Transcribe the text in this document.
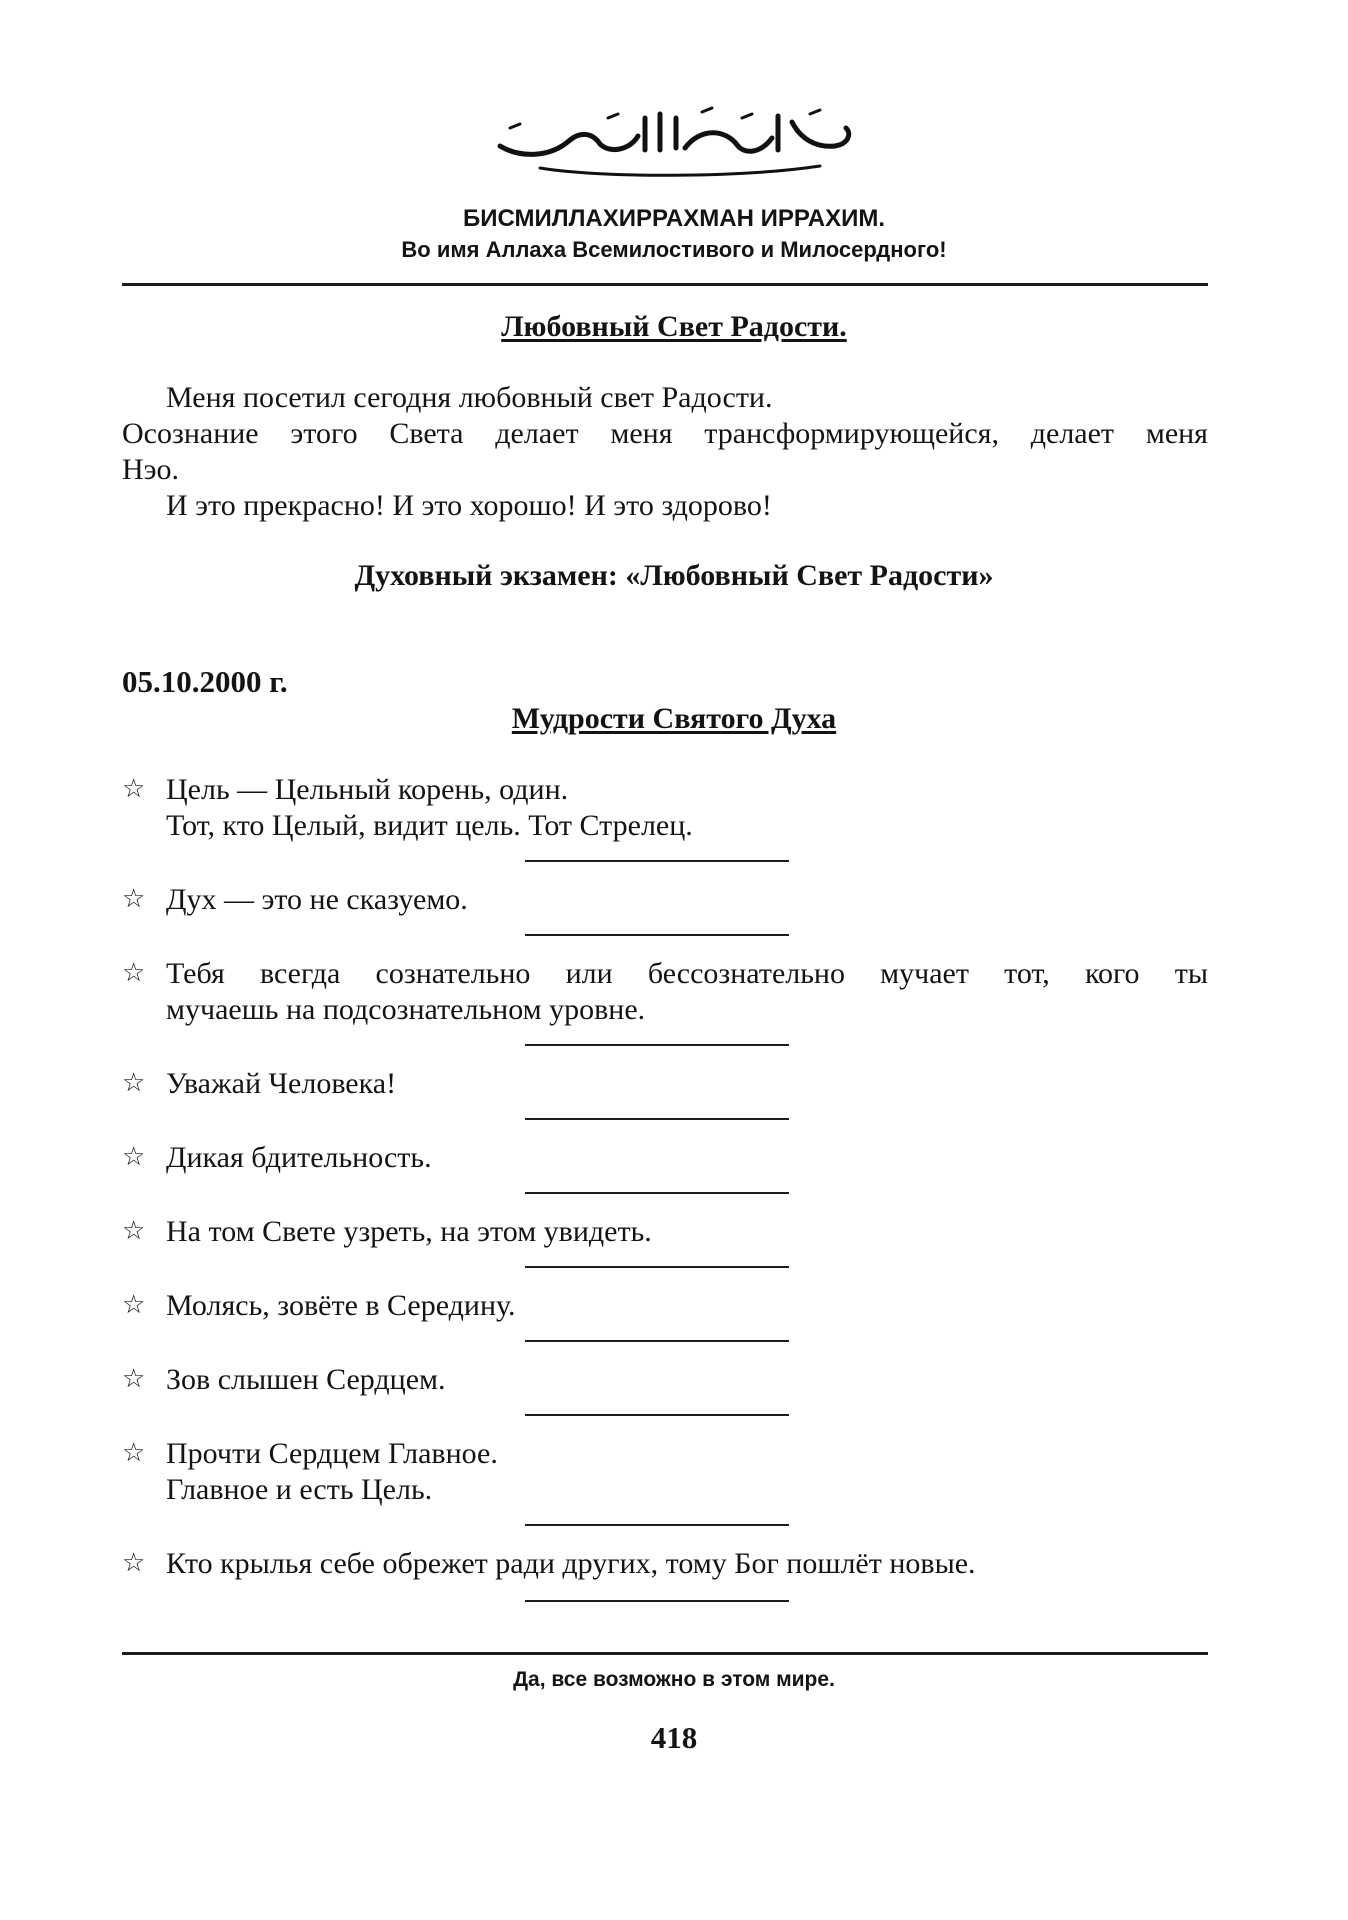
БИСМИЛЛАХИРРАХМАН ИРРАХИМ.
Во имя Аллаха Всемилостивого и Милосердного!
Любовный Свет Радости.
Меня посетил сегодня любовный свет Радости.
Осознание этого Света делает меня трансформирующейся, делает меня
Нэо.
И это прекрасно! И это хорошо! И это здорово!
Духовный экзамен: «Любовный Свет Радости»
05.10.2000 г.
Мудрости Святого Духа
☆ Цель — Цельный корень, один.
Тот, кто Целый, видит цель. Тот Стрелец.
☆ Дух — это не сказуемо.
☆ Тебя всегда сознательно или бессознательно мучает тот, кого ты
мучаешь на подсознательном уровне.
☆ Уважай Человека!
☆ Дикая бдительность.
☆ На том Свете узреть, на этом увидеть.
☆ Молясь, зовёте в Середину.
☆ Зов слышен Сердцем.
☆ Прочти Сердцем Главное.
Главное и есть Цель.
☆ Кто крылья себе обрежет ради других, тому Бог пошлёт новые.
Да, все возможно в этом мире.
418
